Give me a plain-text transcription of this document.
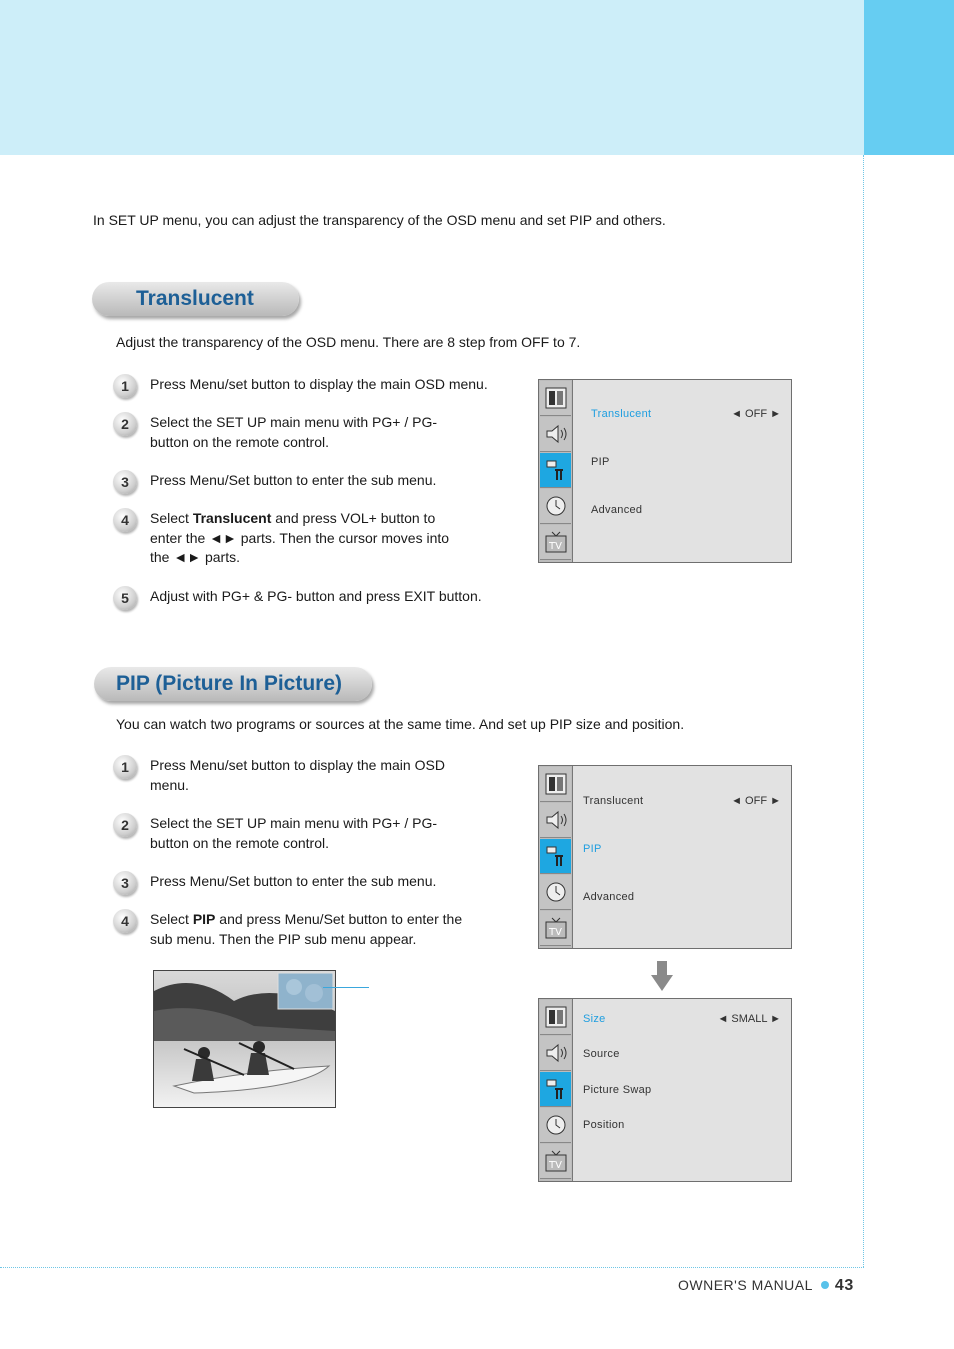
In SET UP menu, you can adjust the transparency of the OSD menu and set PIP and others.
Translucent
Adjust the transparency of the OSD menu. There are 8 step from OFF to 7.
1	Press Menu/set button to display the main OSD menu.
2	Select the SET UP main menu with PG+ / PG- button on the remote control.
3	Press Menu/Set button to enter the sub menu.
4	Select Translucent and press VOL+ button to enter the ◄► parts. Then the cursor moves into the ◄► parts.
5	Adjust with PG+ & PG- button and press EXIT button.
TV
Translucent	◄ OFF ►
PIP
Advanced
PIP (Picture In Picture)
You can watch two programs or sources at the same time. And set up PIP size and position.
1	Press Menu/set button to display the main OSD menu.
2	Select the SET UP main menu with PG+ / PG- button on the remote control.
3	Press Menu/Set button to enter the sub menu.
4	Select PIP and press Menu/Set button to enter the sub menu. Then the PIP sub menu appear.	TV
Translucent	◄ OFF ►
PIP
Advanced
TV
Size	◄ SMALL ►
Source
Picture Swap
Position
OWNER'S MANUAL 43
